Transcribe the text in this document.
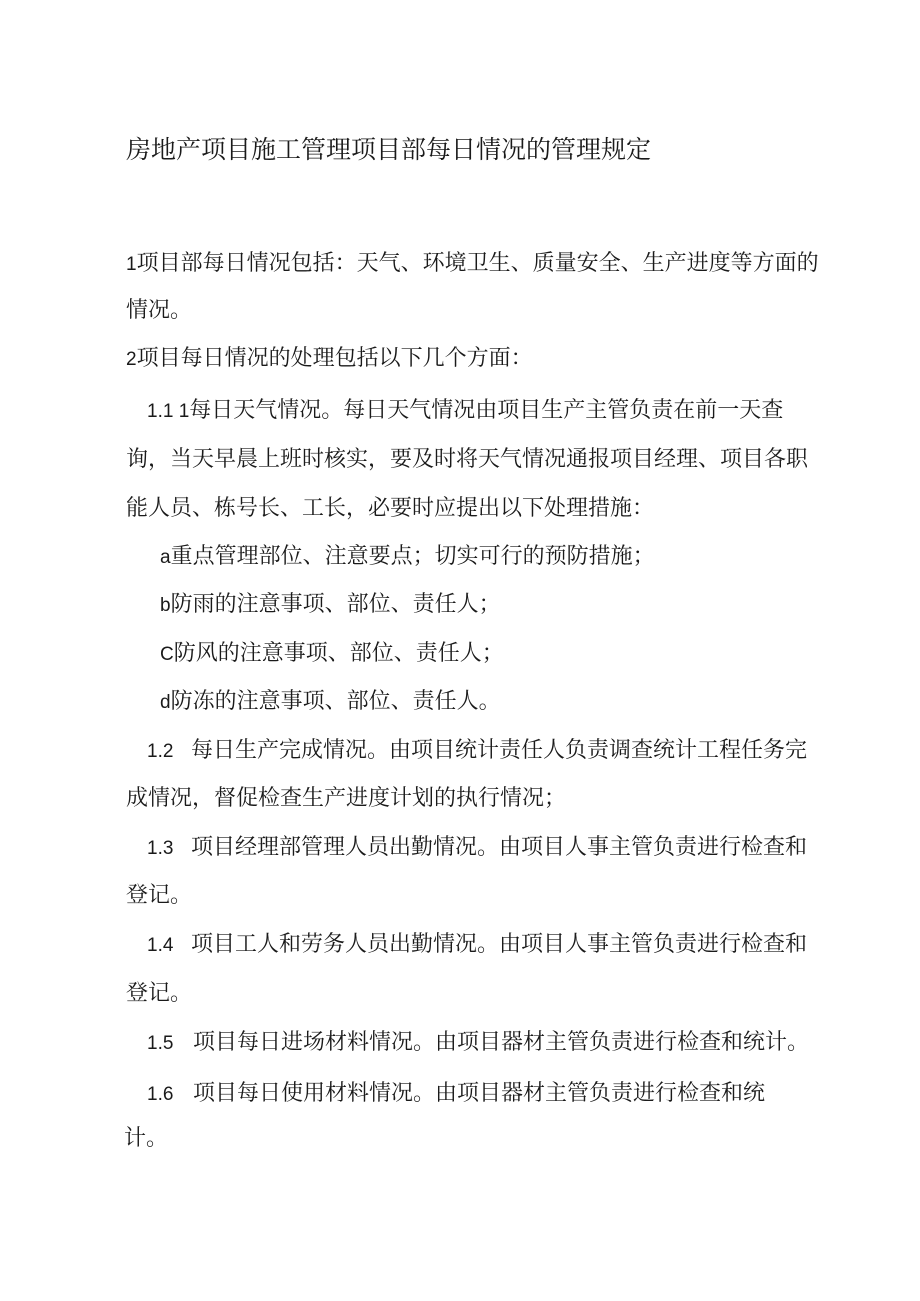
房地产项目施工管理项目部每日情况的管理规定
1项目部每日情况包括：天气、环境卫生、质量安全、生产进度等方面的
情况。
2项目每日情况的处理包括以下几个方面：
1.1 1每日天气情况。每日天气情况由项目生产主管负责在前一天查
询，当天早晨上班时核实，要及时将天气情况通报项目经理、项目各职
能人员、栋号长、工长，必要时应提出以下处理措施：
a重点管理部位、注意要点；切实可行的预防措施；
b防雨的注意事项、部位、责任人；
C防风的注意事项、部位、责任人；
d防冻的注意事项、部位、责任人。
1.2 每日生产完成情况。由项目统计责任人负责调查统计工程任务完
成情况，督促检查生产进度计划的执行情况；
1.3 项目经理部管理人员出勤情况。由项目人事主管负责进行检查和
登记。
1.4 项目工人和劳务人员出勤情况。由项目人事主管负责进行检查和
登记。
1.5 项目每日进场材料情况。由项目器材主管负责进行检查和统计。
1.6 项目每日使用材料情况。由项目器材主管负责进行检查和统
计。
